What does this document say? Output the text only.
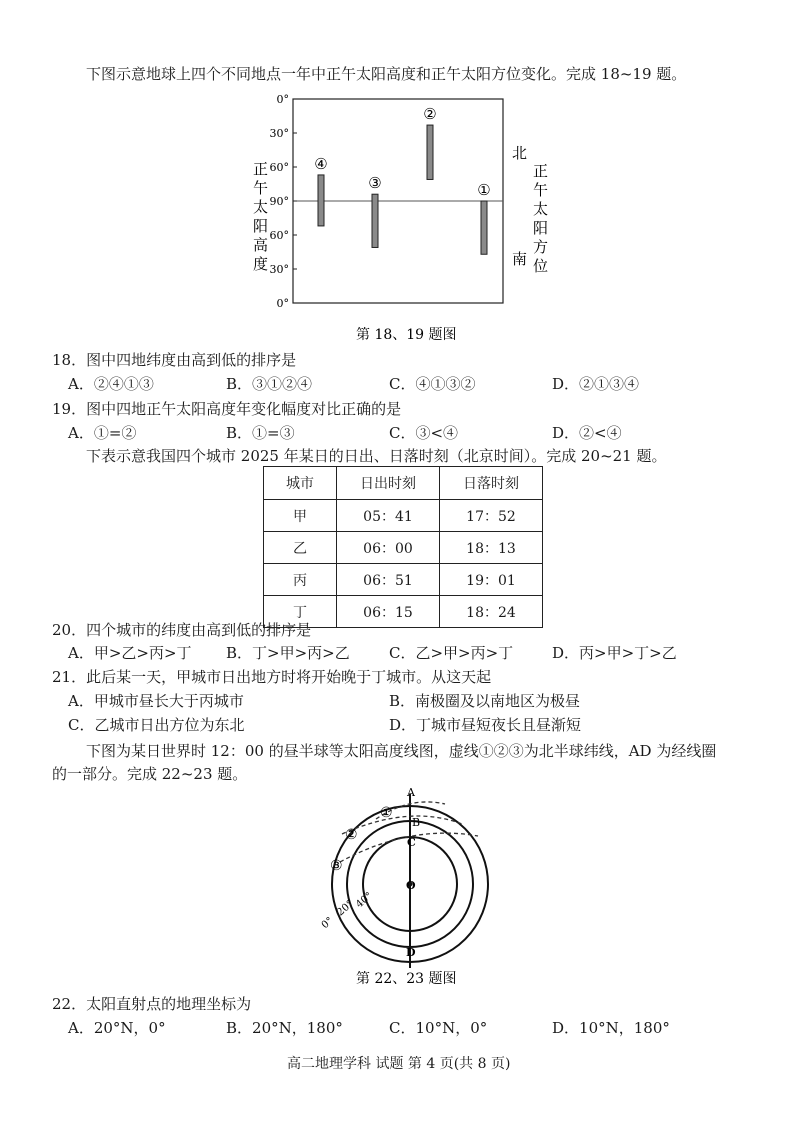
下图示意地球上四个不同地点一年中正午太阳高度和正午太阳方位变化。完成 18~19 题。
0°
30°
60°
90°
60°
30°
0°
④
③
②
①
北
南
正午太阳高度
正午太阳方位
第 18、19 题图
18．图中四地纬度由高到低的排序是
A．②④①③	B．③①②④	C．④①③②	D．②①③④
19．图中四地正午太阳高度年变化幅度对比正确的是
A．①=②	B．①=③	C．③<④	D．②<④
下表示意我国四个城市 2025 年某日的日出、日落时刻（北京时间）。完成 20~21 题。
城市	日出时刻	日落时刻
甲	05：41	17：52
乙	06：00	18：13
丙	06：51	19：01
丁	06：15	18：24
20．四个城市的纬度由高到低的排序是
A．甲>乙>丙>丁 B．丁>甲>丙>乙	C．乙>甲>丙>丁	D．丙>甲>丁>乙
21．此后某一天，甲城市日出地方时将开始晚于丁城市。从这天起
A．甲城市昼长大于丙城市	B．南极圈及以南地区为极昼
C．乙城市日出方位为东北	D．丁城市昼短夜长且昼渐短
下图为某日世界时 12：00 的昼半球等太阳高度线图，虚线①②③为北半球纬线，AD 为经线圈
的一部分。完成 22~23 题。
A
B
C
O
D
①
②
③
0°
20°
40°
第 22、23 题图
22．太阳直射点的地理坐标为
A．20°N，0°	B．20°N，180°	C．10°N，0°	D．10°N，180°
高二地理学科 试题 第 4 页(共 8 页)
